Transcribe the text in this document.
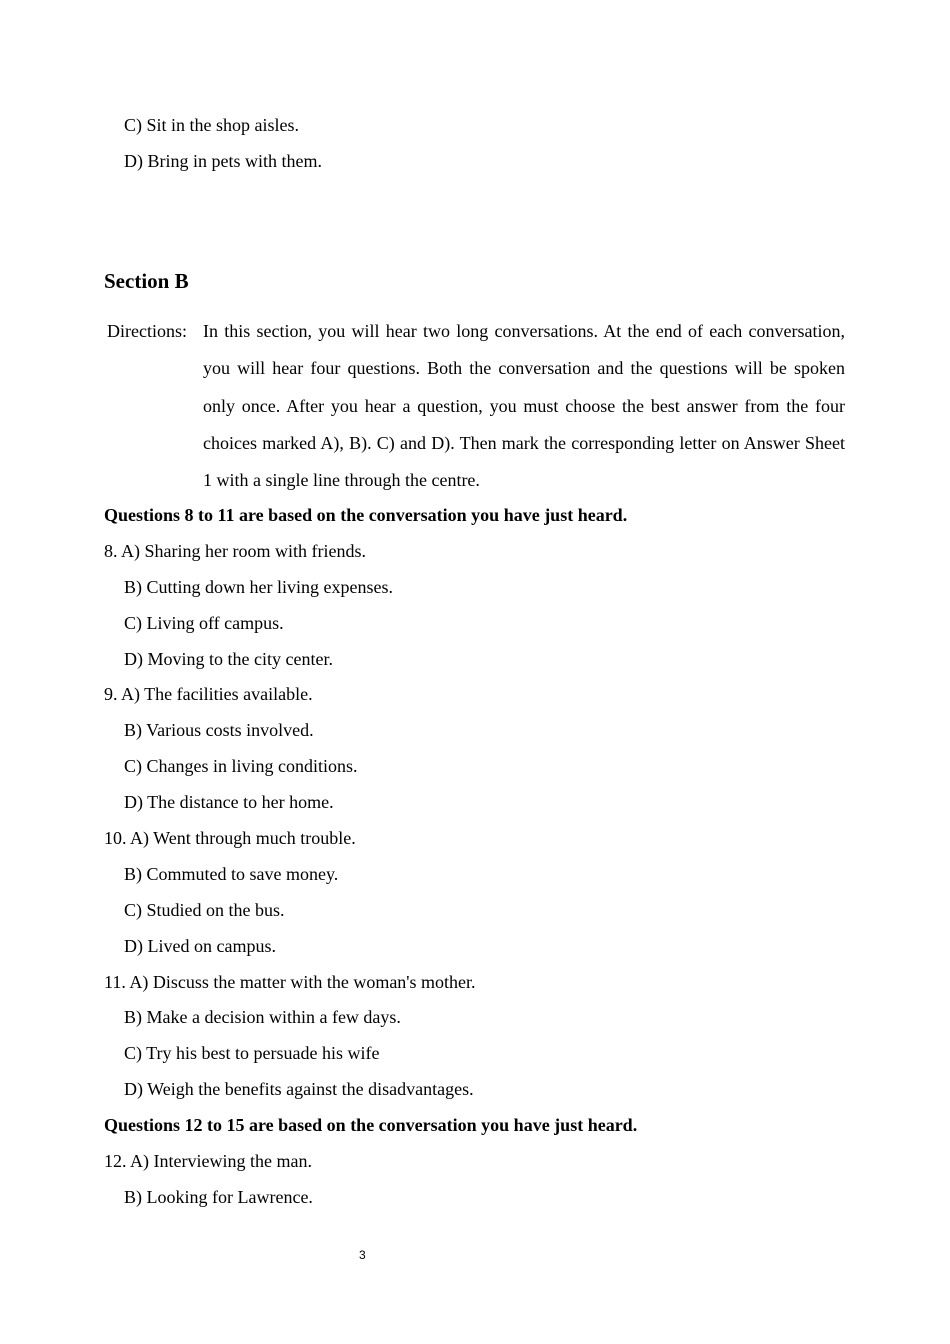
C) Sit in the shop aisles.
D) Bring in pets with them.
Section B
Directions: In this section, you will hear two long conversations. At the end of each conversation, you will hear four questions. Both the conversation and the questions will be spoken only once. After you hear a question, you must choose the best answer from the four choices marked A), B). C) and D). Then mark the corresponding letter on Answer Sheet 1 with a single line through the centre.
Questions 8 to 11 are based on the conversation you have just heard.
8. A) Sharing her room with friends.
B) Cutting down her living expenses.
C) Living off campus.
D) Moving to the city center.
9. A) The facilities available.
B) Various costs involved.
C) Changes in living conditions.
D) The distance to her home.
10. A) Went through much trouble.
B) Commuted to save money.
C) Studied on the bus.
D) Lived on campus.
11. A) Discuss the matter with the woman's mother.
B) Make a decision within a few days.
C) Try his best to persuade his wife
D) Weigh the benefits against the disadvantages.
Questions 12 to 15 are based on the conversation you have just heard.
12. A) Interviewing the man.
B) Looking for Lawrence.
3
